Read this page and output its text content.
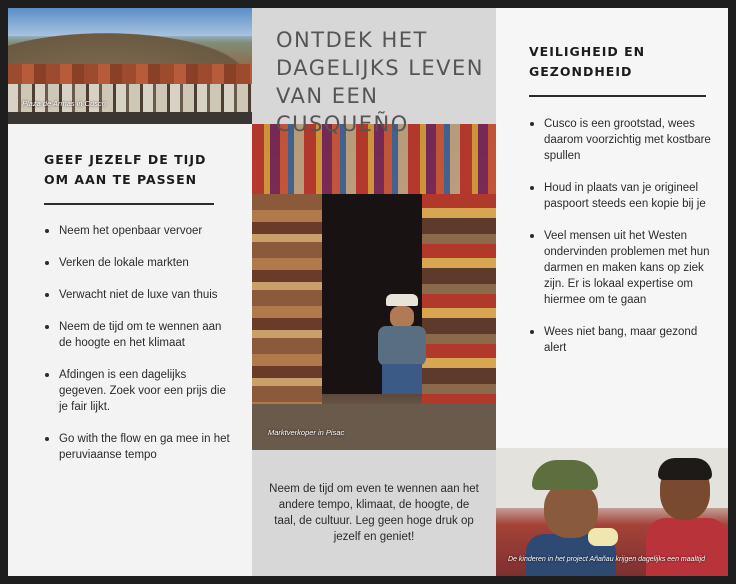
Plaza de Armas in Cusco
Marktverkoper in Pisac
De kinderen in het project Añañau krijgen dagelijks een maaltijd
ONTDEK HET DAGELIJKS LEVEN VAN EEN CUSQUEÑO
GEEF JEZELF DE TIJD OM AAN TE PASSEN
Neem het openbaar vervoer
Verken de lokale markten
Verwacht niet de luxe van thuis
Neem de tijd om te wennen aan de hoogte en het klimaat
Afdingen is een dagelijks gegeven. Zoek voor een prijs die je fair lijkt.
Go with the flow en ga mee in het peruviaanse tempo
VEILIGHEID EN GEZONDHEID
Cusco is een grootstad, wees daarom voorzichtig met kostbare spullen
Houd in plaats van je origineel paspoort steeds een kopie bij je
Veel mensen uit het Westen ondervinden problemen met hun darmen en maken kans op ziek zijn. Er is lokaal expertise om hiermee om te gaan
Wees niet bang, maar gezond alert

Neem de tijd om even te wennen aan het andere tempo, klimaat, de hoogte, de taal, de cultuur. Leg geen hoge druk op jezelf en geniet!
